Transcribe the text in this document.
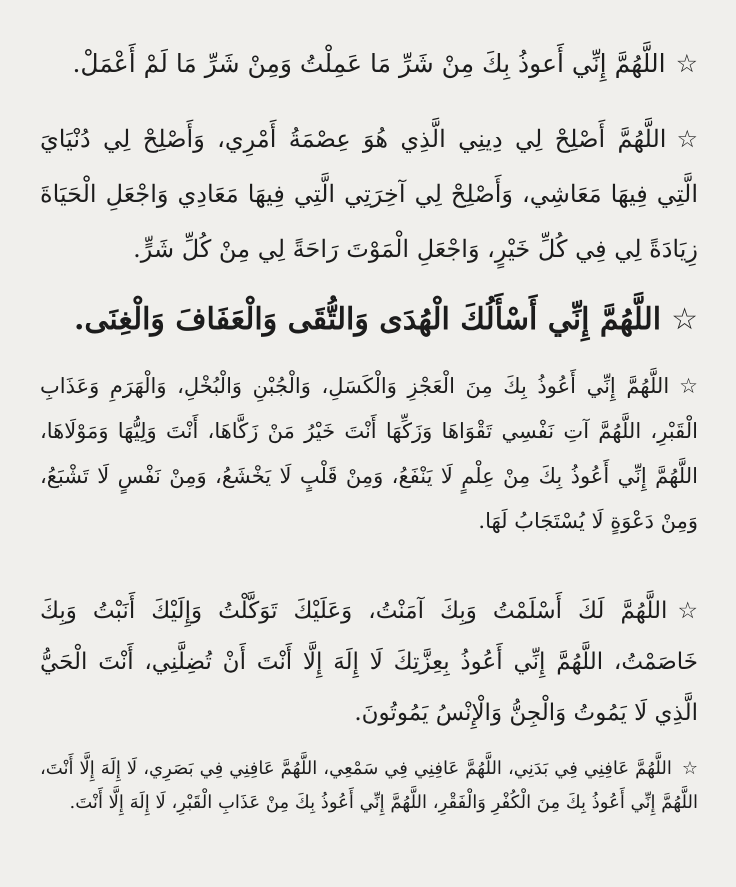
☆اللَّهُمَّ إِنِّي أَعوذُ بِكَ مِنْ شَرِّ مَا عَمِلْتُ وَمِنْ شَرِّ مَا لَمْ أَعْمَلْ.

☆اللَّهُمَّ أَصْلِحْ لِي دِينِي الَّذِي هُوَ عِصْمَةُ أَمْرِي، وَأَصْلِحْ لِي دُنْيَايَ الَّتِي فِيهَا مَعَاشِي، وَأَصْلِحْ لِي آخِرَتِي الَّتِي فِيهَا مَعَادِي وَاجْعَلِ الْحَيَاةَ زِيَادَةً لِي فِي كُلِّ خَيْرٍ، وَاجْعَلِ الْمَوْتَ رَاحَةً لِي مِنْ كُلِّ شَرٍّ.

☆اللَّهُمَّ إِنِّي أَسْأَلُكَ الْهُدَى وَالتُّقَى وَالْعَفَافَ وَالْغِنَى.

☆اللَّهُمَّ إِنِّي أَعُوذُ بِكَ مِنَ الْعَجْزِ وَالْكَسَلِ، وَالْجُبْنِ وَالْبُخْلِ، وَالْهَرَمِ وَعَذَابِ الْقَبْرِ، اللَّهُمَّ آتِ نَفْسِي تَقْوَاهَا وَزَكِّهَا أَنْتَ خَيْرُ مَنْ زَكَّاهَا، أَنْتَ وَلِيُّهَا وَمَوْلَاهَا، اللَّهُمَّ إِنِّي أَعُوذُ بِكَ مِنْ عِلْمٍ لَا يَنْفَعُ، وَمِنْ قَلْبٍ لَا يَخْشَعُ، وَمِنْ نَفْسٍ لَا تَشْبَعُ، وَمِنْ دَعْوَةٍ لَا يُسْتَجَابُ لَهَا.

☆اللَّهُمَّ لَكَ أَسْلَمْتُ وَبِكَ آمَنْتُ، وَعَلَيْكَ تَوَكَّلْتُ وَإِلَيْكَ أَنَبْتُ وَبِكَ خَاصَمْتُ، اللَّهُمَّ إِنِّي أَعُوذُ بِعِزَّتِكَ لَا إِلَهَ إِلَّا أَنْتَ أَنْ تُضِلَّنِي، أَنْتَ الْحَيُّ الَّذِي لَا يَمُوتُ وَالْجِنُّ وَالْإِنْسُ يَمُوتُونَ.

☆اللَّهُمَّ عَافِنِي فِي بَدَنِي، اللَّهُمَّ عَافِنِي فِي سَمْعِي، اللَّهُمَّ عَافِنِي فِي بَصَرِي، لَا إِلَهَ إِلَّا أَنْتَ، اللَّهُمَّ إِنِّي أَعُوذُ بِكَ مِنَ الْكُفْرِ وَالْفَقْرِ، اللَّهُمَّ إِنِّي أَعُوذُ بِكَ مِنْ عَذَابِ الْقَبْرِ، لَا إِلَهَ إِلَّا أَنْتَ.
